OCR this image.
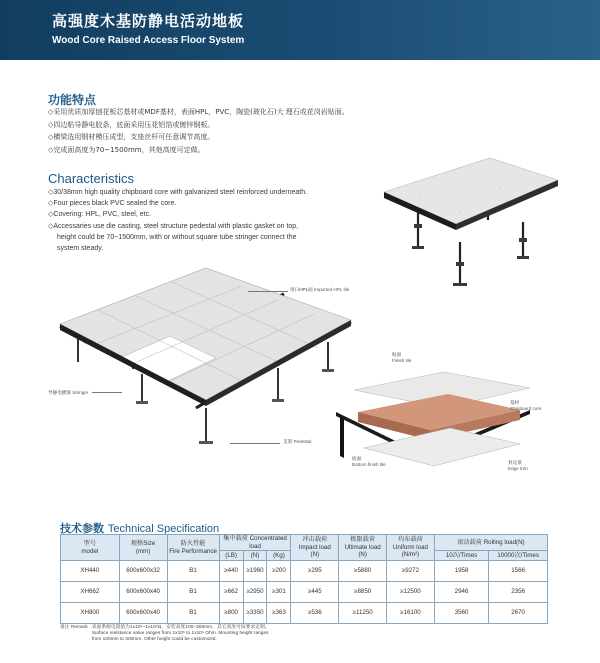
高强度木基防静电活动地板
Wood Core Raised Access Floor System
功能特点
◇采用优质加厚刨花板芯基材或MDF基材，表面HPL，PVC，陶瓷(玻化石)大 理石或花岗岩贴面。
◇四边粘导静电胶条，底面采用压花铝箔或镀锌钢板。
◇横梁选用钢材模压成型，支座丝杆可任意调节高度。
◇完成面高度为70~1500mm，其他高度可定做。
Characteristics
◇30/38mm high quality chipboard core with galvanized steel reinforced underneath.
◇Four pieces black PVC sealed the core.
◇Covering: HPL, PVC, steel, etc.
◇Accessaries use die casting, steel structure pedestal with plastic gasket on top,
height could be 70~1500mm, with or without square tube stringer connect the
system steady.
进口HPL面 Imported HPL tile
导静电横梁 Stringer
支架 Pedestal
贴面
Finish tile
基材
Chipboard core
底面
Bottom finish tile	封边条
Edge trim
技术参数 Technical Specification
型号
model	规格Size
(mm)	防火性能
Fire Performance	集中载荷 Concentrated load			冲击载荷
Impact load
(N)	极限载荷
Ultimate load
(N)	均布载荷
Uniform load
(N/m²)	滚动载荷 Rolling load(N)	
			(LB)	(N)	(Kg)				10次/Times	10000次/Times
XH440	600x600x32	B1	≥440	≥1960	≥200	≥295	≥5880	≥9272	1958	1566
XH662	600x600x40	B1	≥662	≥2950	≥301	≥445	≥8850	≥12500	2946	2356
XH800	600x600x40	B1	≥800	≥3350	≥363	≥536	≥11250	≥16100	3560	2670
备注 Remark 表面系统电阻值为1x10⁶~1x10⁹Ω，安装高度100~300mm，其它高度可按要求定制。
Surface resistance value ranges from 1x10⁶ to 1x10⁹ Ohm. Mounting height ranges
from 100mm to 300mm. Other height could be customized.
